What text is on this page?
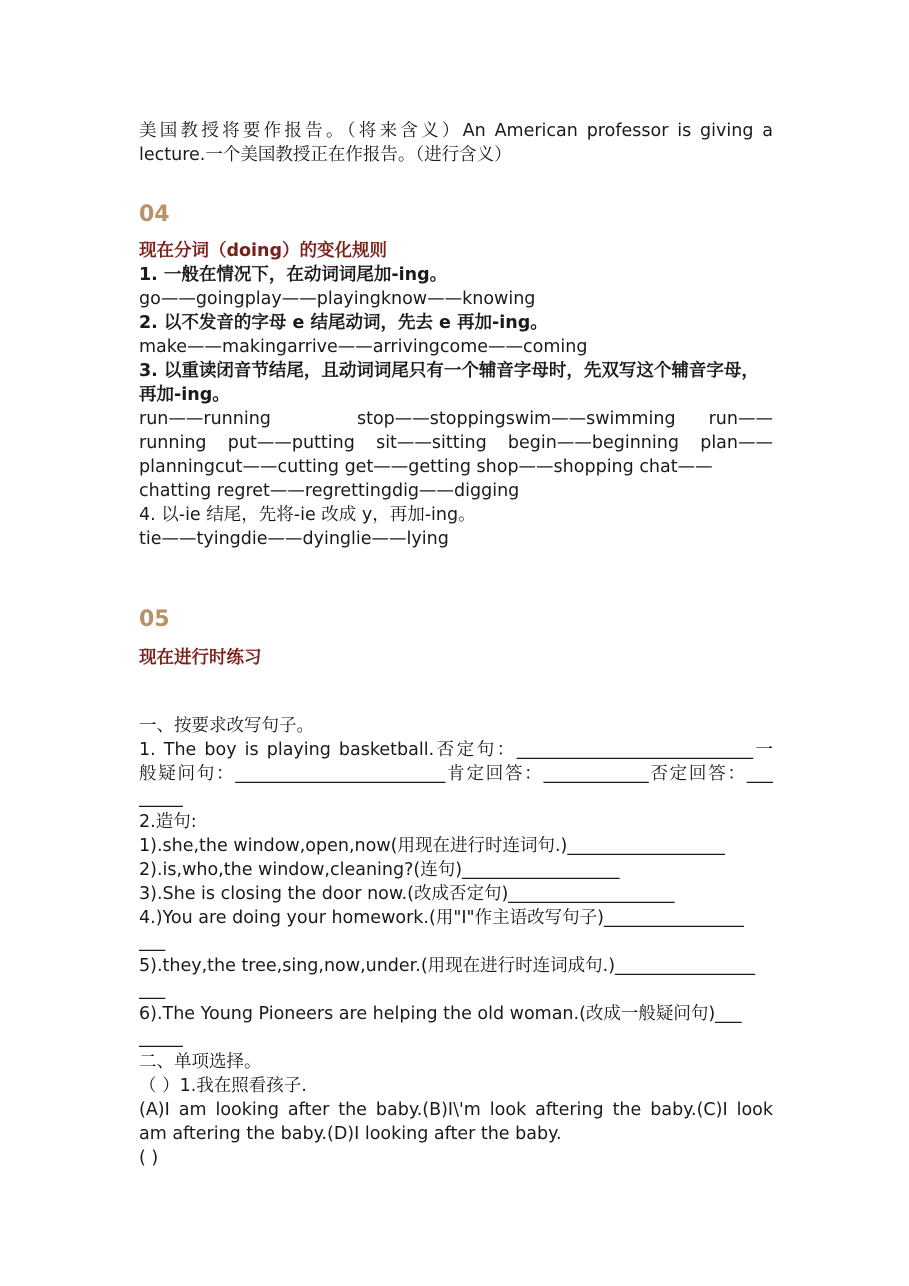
美国教授将要作报告。（将来含义）An American professor is giving a

lecture.一个美国教授正在作报告。（进行含义）

04

现在分词（doing）的变化规则

1. 一般在情况下，在动词词尾加-ing。

go——goingplay——playingknow——knowing

2. 以不发音的字母 e 结尾动词，先去 e 再加-ing。

make——makingarrive——arrivingcome——coming

3. 以重读闭音节结尾，且动词词尾只有一个辅音字母时，先双写这个辅音字母，

再加-ing。

run——running	stop——stoppingswim——swimming run——

running put——putting sit——sitting begin——beginning plan——

planningcut——cutting get——getting shop——shopping chat——

chatting regret——regrettingdig——digging

4. 以-ie 结尾，先将-ie 改成 y，再加-ing。

tie——tyingdie——dyinglie——lying

05

现在进行时练习

一、按要求改写句子。

1. The boy is playing basketball.否定句：___________________________一

般疑问句：________________________肯定回答：____________否定回答：___

_____

2.造句:

1).she,the window,open,now(用现在进行时连词句.)__________________

2).is,who,the window,cleaning?(连句)__________________

3).She is closing the door now.(改成否定句)___________________

4.)You are doing your homework.(用"I"作主语改写句子)________________

___

5).they,the tree,sing,now,under.(用现在进行时连词成句.)________________

___

6).The Young Pioneers are helping the old woman.(改成一般疑问句)___

_____

二、单项选择。

（ ）1.我在照看孩子.

(A)I am looking after the baby.(B)I\'m look aftering the baby.(C)I look

am aftering the baby.(D)I looking after the baby.

( )
